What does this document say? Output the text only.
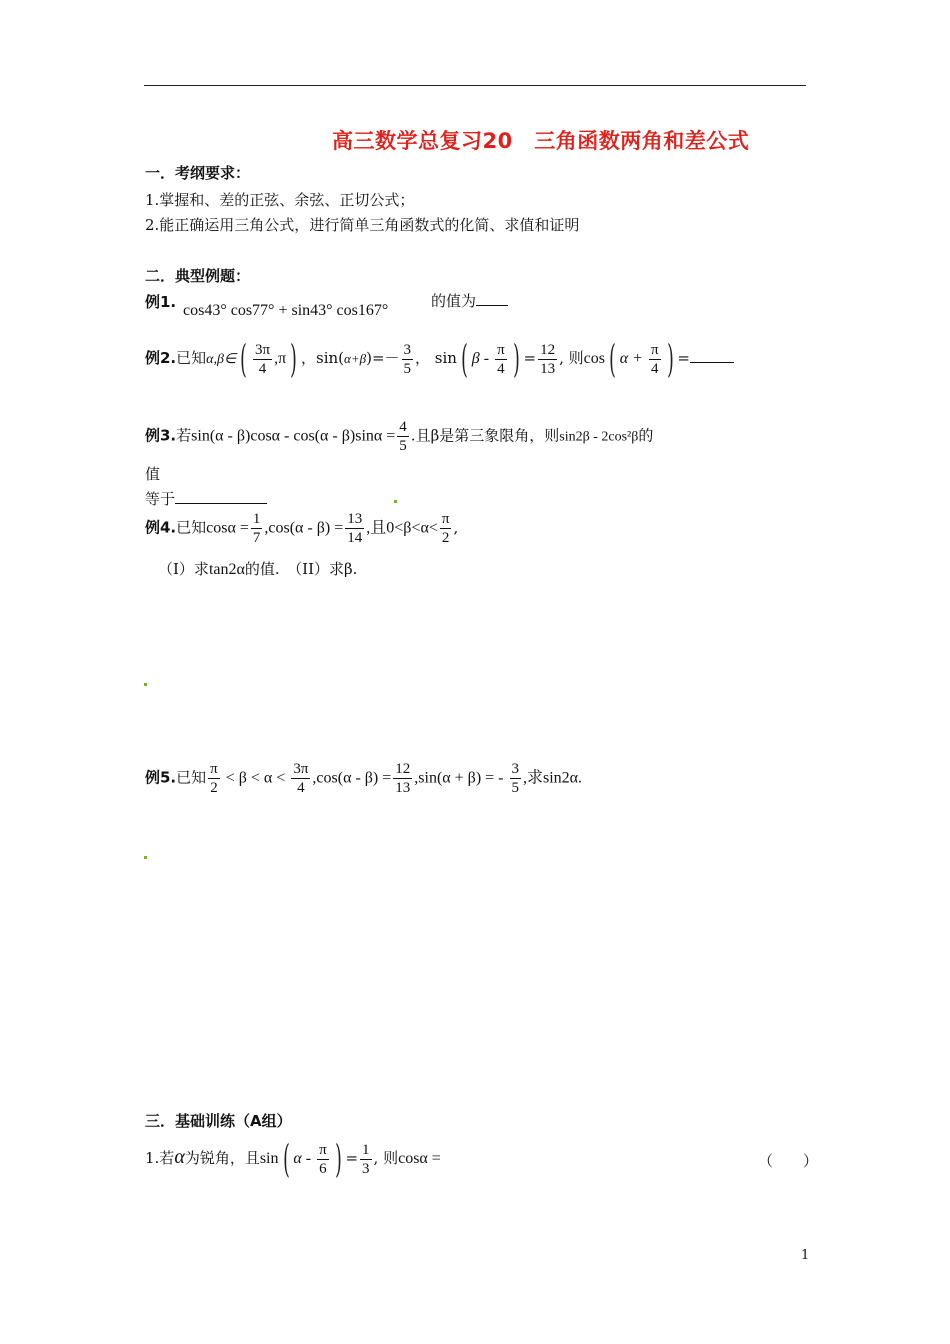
高三数学总复习20　三角函数两角和差公式
一．考纲要求：
1.掌握和、差的正弦、余弦、正切公式；
2.能正确运用三角公式，进行简单三角函数式的化简、求值和证明
二．典型例题：
例1. cos43° cos77° + sin43° cos167°
的值为
例2.已知α,β∈ ( $\frac{3\pi}{4} ,\pi$ ) ，$\sin(\alpha+\beta)=- \frac{3}{5}$ ， sin ( β - $\frac{\pi}{4}$ ) = $\frac{12}{13}$ , 则cos ( $\alpha + \frac{\pi}{4}$ ) =
例3.若$\sin(\alpha - \beta)\cos\alpha - \cos(\alpha - \beta)\sin\alpha = \frac{4}{5}$ .且β是第三象限角，则sin2β - 2cos²β的
值
等于
例4.已知$\cos\alpha = \frac{1}{7} ,\cos(\alpha - \beta) = \frac{13}{14}$ ,且$0<\beta<\alpha< \frac{\pi}{2}$ ,
（I）求tan2α的值.　（II）求β.
例5.已知 $\frac{\pi}{2} < \beta < \alpha < \frac{3\pi}{4} ,\cos(\alpha - \beta) = \frac{12}{13} ,\sin(\alpha + \beta)$ = - $\frac{3}{5}$ ,求sin2α.
三．基础训练（A组）
1.若α为锐角，且sin ( α - $\frac{\pi}{6}$ ) = $\frac{1}{3}$ , 则cosα =	（　　）
1
